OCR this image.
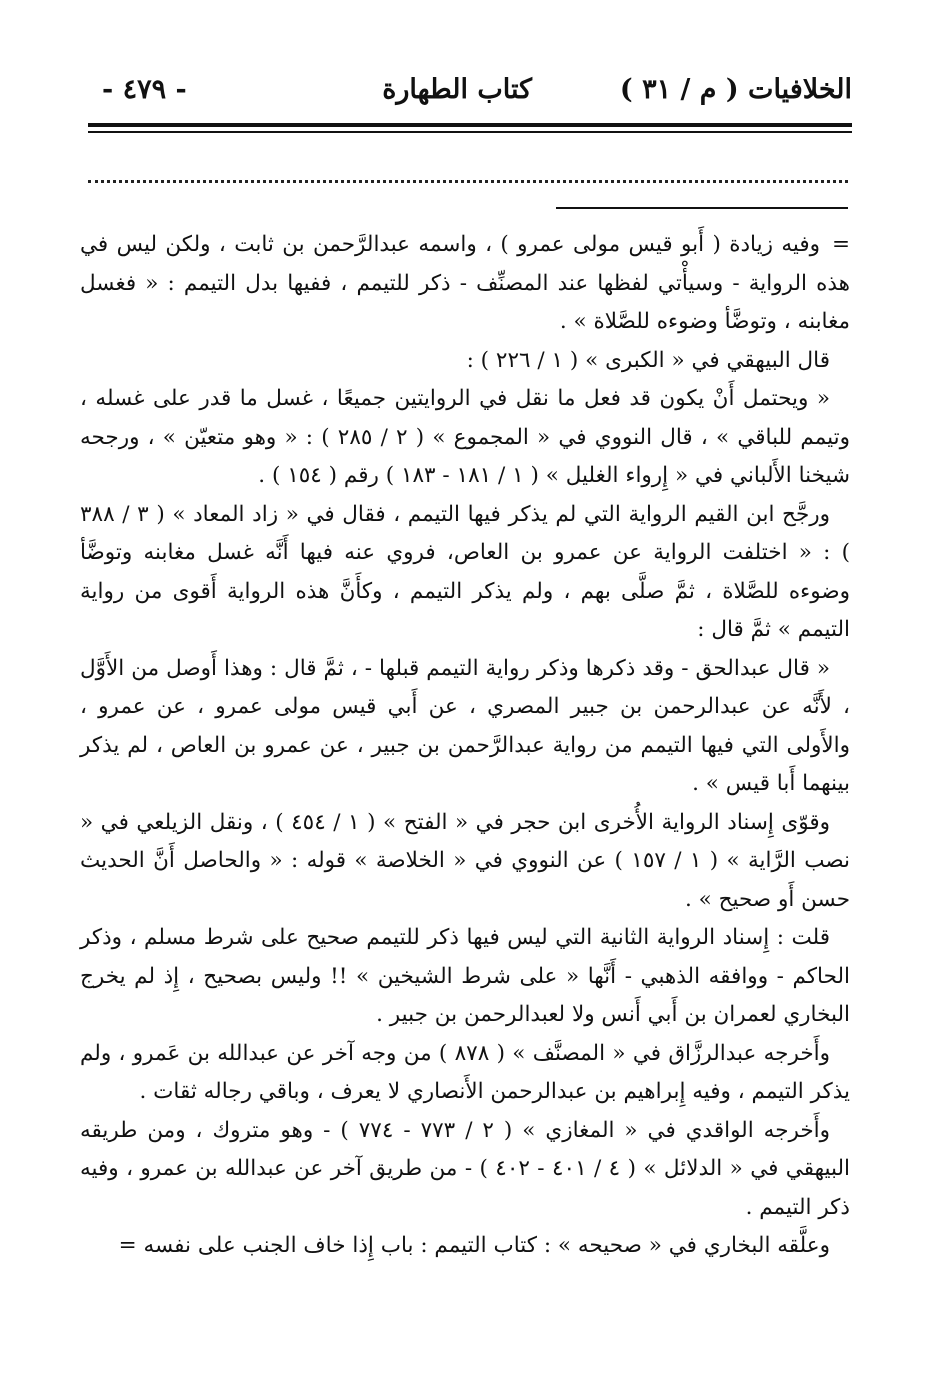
الخلافيات ( م / ٣١ )
كتاب الطهارة
- ٤٧٩ -

=وفيه زيادة ( أَبو قيس مولى عمرو ) ، واسمه عبدالرَّحمن بن ثابت ، ولكن ليس في هذه الرواية - وسيأْتي لفظها عند المصنِّف - ذكر للتيمم ، ففيها بدل التيمم : « فغسل مغابنه ، وتوضَّأ وضوءه للصَّلاة » .

قال البيهقي في « الكبرى » ( ١ / ٢٢٦ ) :

« ويحتمل أَنْ يكون قد فعل ما نقل في الروايتين جميعًا ، غسل ما قدر على غسله ، وتيمم للباقي » ، قال النووي في « المجموع » ( ٢ / ٢٨٥ ) : « وهو متعيّن » ، ورجحه شيخنا الأَلباني في « إِرواء الغليل » ( ١ / ١٨١ - ١٨٣ ) رقم ( ١٥٤ ) .

ورجَّح ابن القيم الرواية التي لم يذكر فيها التيمم ، فقال في « زاد المعاد » ( ٣ / ٣٨٨ ) : « اختلفت الرواية عن عمرو بن العاص، فروي عنه فيها أَنَّه غسل مغابنه وتوضَّأ وضوءه للصَّلاة ، ثمَّ صلَّى بهم ، ولم يذكر التيمم ، وكأَنَّ هذه الرواية أَقوى من رواية التيمم » ثمَّ قال :

« قال عبدالحق - وقد ذكرها وذكر رواية التيمم قبلها - ، ثمَّ قال : وهذا أَوصل من الأَوَّل ، لأَنَّه عن عبدالرحمن بن جبير المصري ، عن أَبي قيس مولى عمرو ، عن عمرو ، والأَولى التي فيها التيمم من رواية عبدالرَّحمن بن جبير ، عن عمرو بن العاص ، لم يذكر بينهما أَبا قيس » .

وقوّى إِسناد الرواية الأُخرى ابن حجر في « الفتح » ( ١ / ٤٥٤ ) ، ونقل الزيلعي في « نصب الرَّاية » ( ١ / ١٥٧ ) عن النووي في « الخلاصة » قوله : « والحاصل أَنَّ الحديث حسن أَو صحيح » .

قلت : إِسناد الرواية الثانية التي ليس فيها ذكر للتيمم صحيح على شرط مسلم ، وذكر الحاكم - ووافقه الذهبي - أَنَّها « على شرط الشيخين » !! وليس بصحيح ، إِذ لم يخرج البخاري لعمران بن أَبي أَنس ولا لعبدالرحمن بن جبير .

وأَخرجه عبدالرزَّاق في « المصنَّف » ( ٨٧٨ ) من وجه آخر عن عبدالله بن عَمرو ، ولم يذكر التيمم ، وفيه إِبراهيم بن عبدالرحمن الأَنصاري لا يعرف ، وباقي رجاله ثقات .

وأَخرجه الواقدي في « المغازي » ( ٢ / ٧٧٣ - ٧٧٤ ) - وهو متروك ، ومن طريقه البيهقي في « الدلائل » ( ٤ / ٤٠١ - ٤٠٢ ) - من طريق آخر عن عبدالله بن عمرو ، وفيه ذكر التيمم .

وعلَّقه البخاري في « صحيحه » : كتاب التيمم : باب إِذا خاف الجنب على نفسه =
